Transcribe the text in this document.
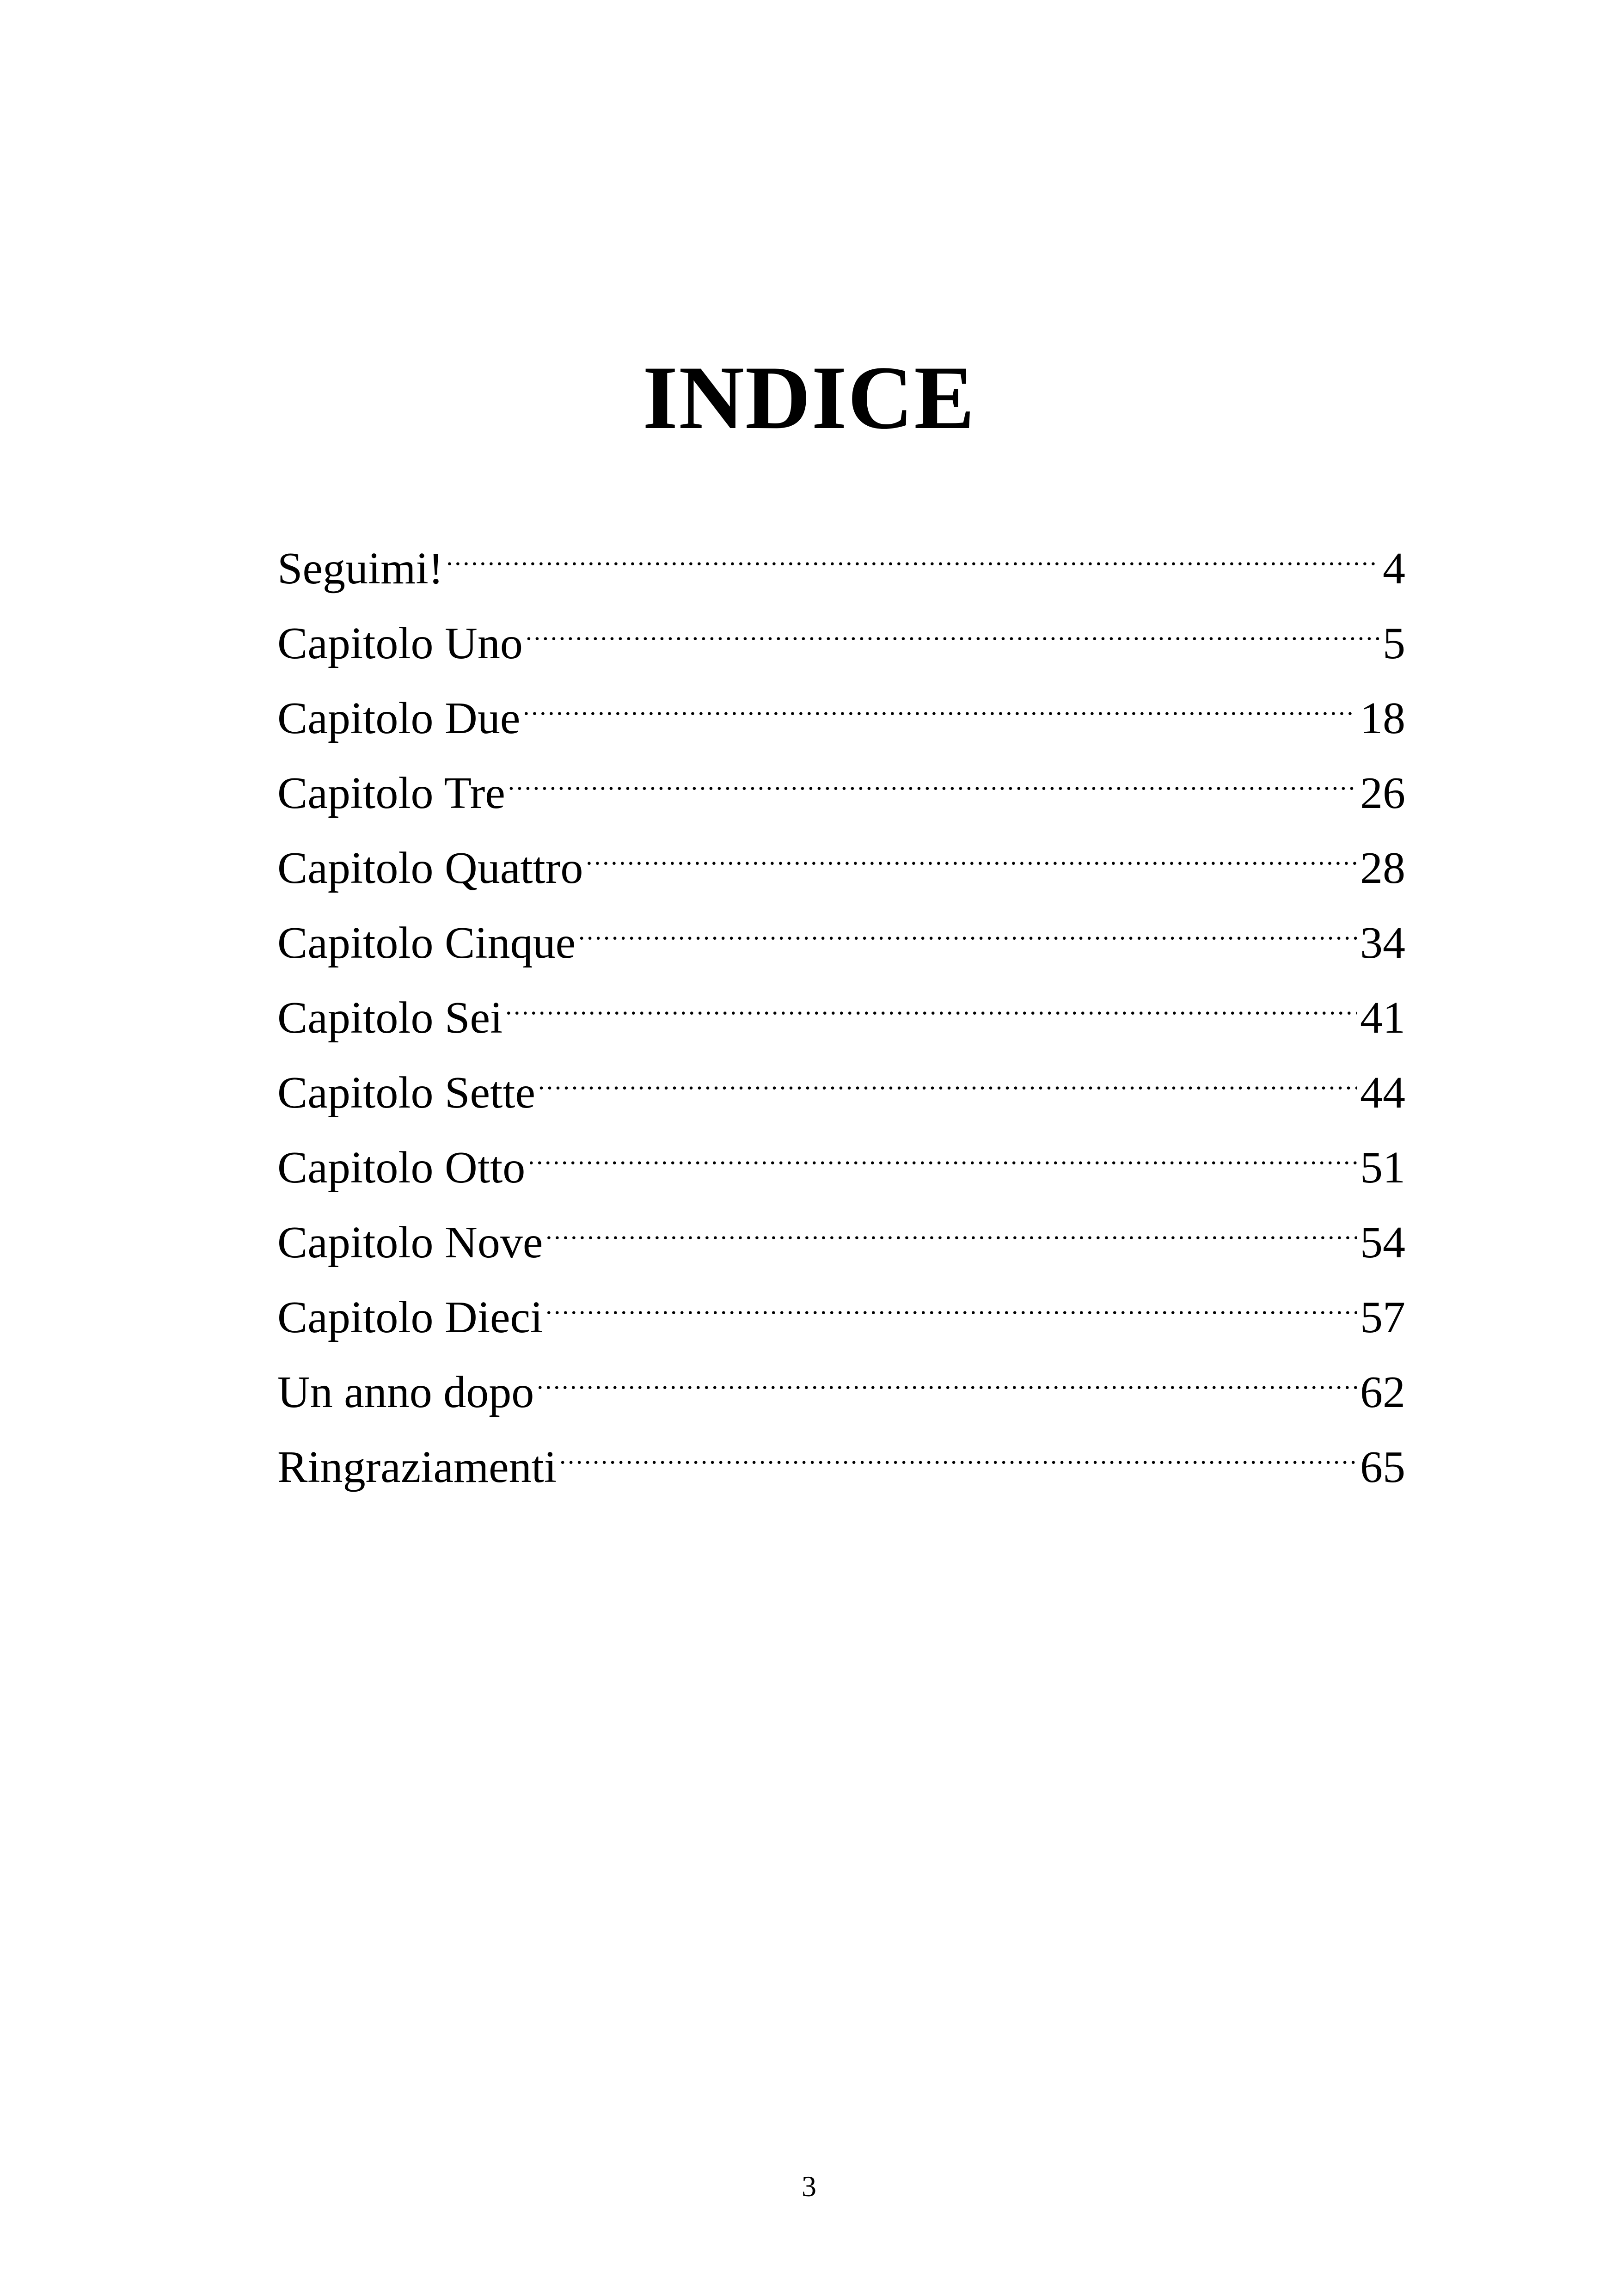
INDICE
Seguimi! .....	4
Capitolo Uno .....	5
Capitolo Due .....	18
Capitolo Tre .....	26
Capitolo Quattro .....	28
Capitolo Cinque .....	34
Capitolo Sei .....	41
Capitolo Sette .....	44
Capitolo Otto .....	51
Capitolo Nove .....	54
Capitolo Dieci .....	57
Un anno dopo .....	62
Ringraziamenti .....	65
3
